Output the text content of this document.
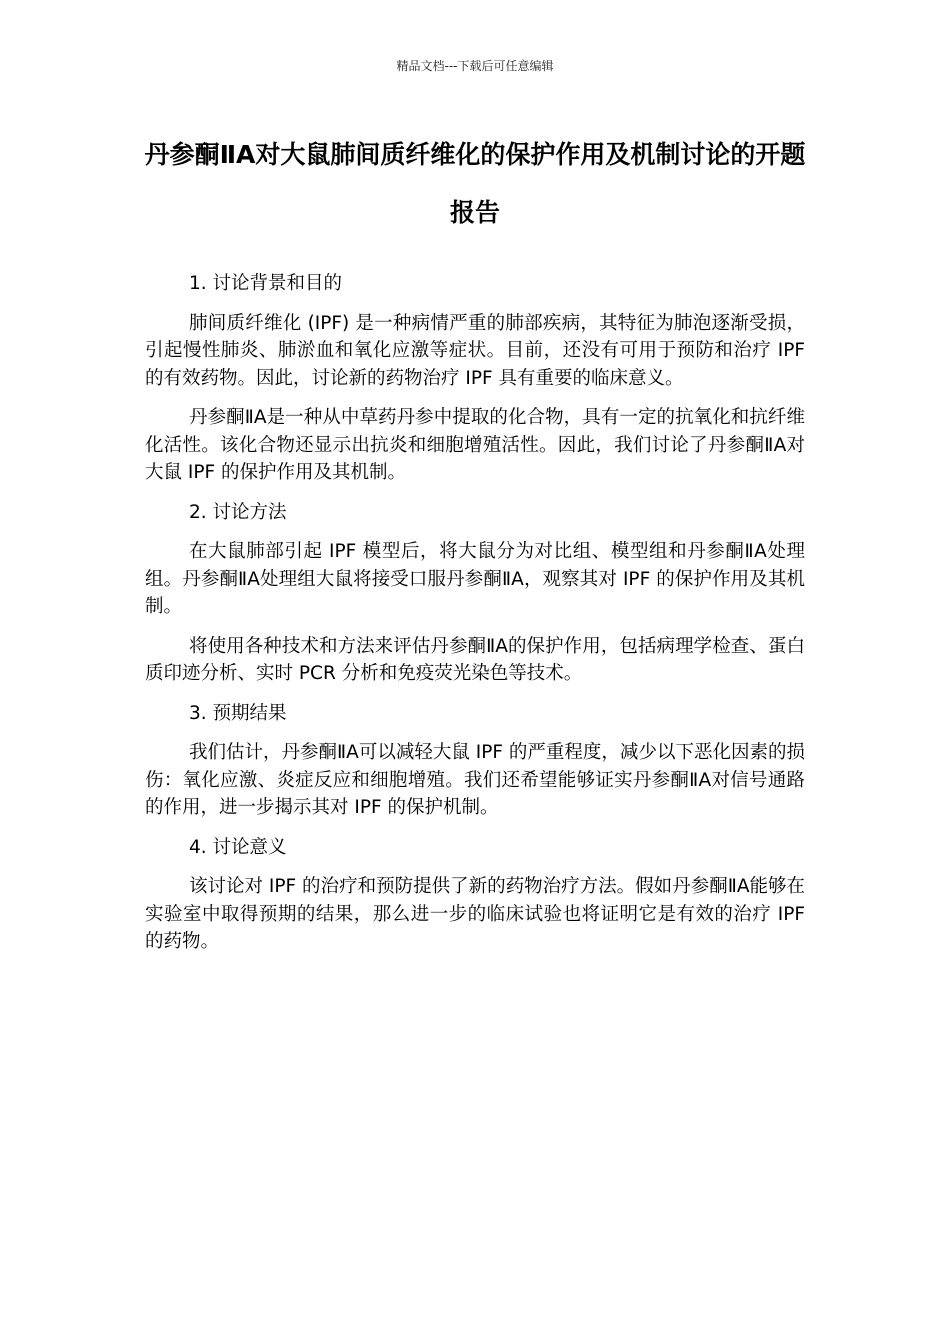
精品文档---下载后可任意编辑
丹参酮ⅡA对大鼠肺间质纤维化的保护作用及机制讨论的开题报告

1. 讨论背景和目的

肺间质纤维化 (IPF) 是一种病情严重的肺部疾病，其特征为肺泡逐渐受损，引起慢性肺炎、肺淤血和氧化应激等症状。目前，还没有可用于预防和治疗 IPF 的有效药物。因此，讨论新的药物治疗 IPF 具有重要的临床意义。

丹参酮ⅡA是一种从中草药丹参中提取的化合物，具有一定的抗氧化和抗纤维化活性。该化合物还显示出抗炎和细胞增殖活性。因此，我们讨论了丹参酮ⅡA对大鼠 IPF 的保护作用及其机制。

2. 讨论方法

在大鼠肺部引起 IPF 模型后，将大鼠分为对比组、模型组和丹参酮ⅡA处理组。丹参酮ⅡA处理组大鼠将接受口服丹参酮ⅡA，观察其对 IPF 的保护作用及其机制。

将使用各种技术和方法来评估丹参酮ⅡA的保护作用，包括病理学检查、蛋白质印迹分析、实时 PCR 分析和免疫荧光染色等技术。

3. 预期结果

我们估计，丹参酮ⅡA可以减轻大鼠 IPF 的严重程度，减少以下恶化因素的损伤：氧化应激、炎症反应和细胞增殖。我们还希望能够证实丹参酮ⅡA对信号通路的作用，进一步揭示其对 IPF 的保护机制。

4. 讨论意义

该讨论对 IPF 的治疗和预防提供了新的药物治疗方法。假如丹参酮ⅡA能够在实验室中取得预期的结果，那么进一步的临床试验也将证明它是有效的治疗 IPF 的药物。
